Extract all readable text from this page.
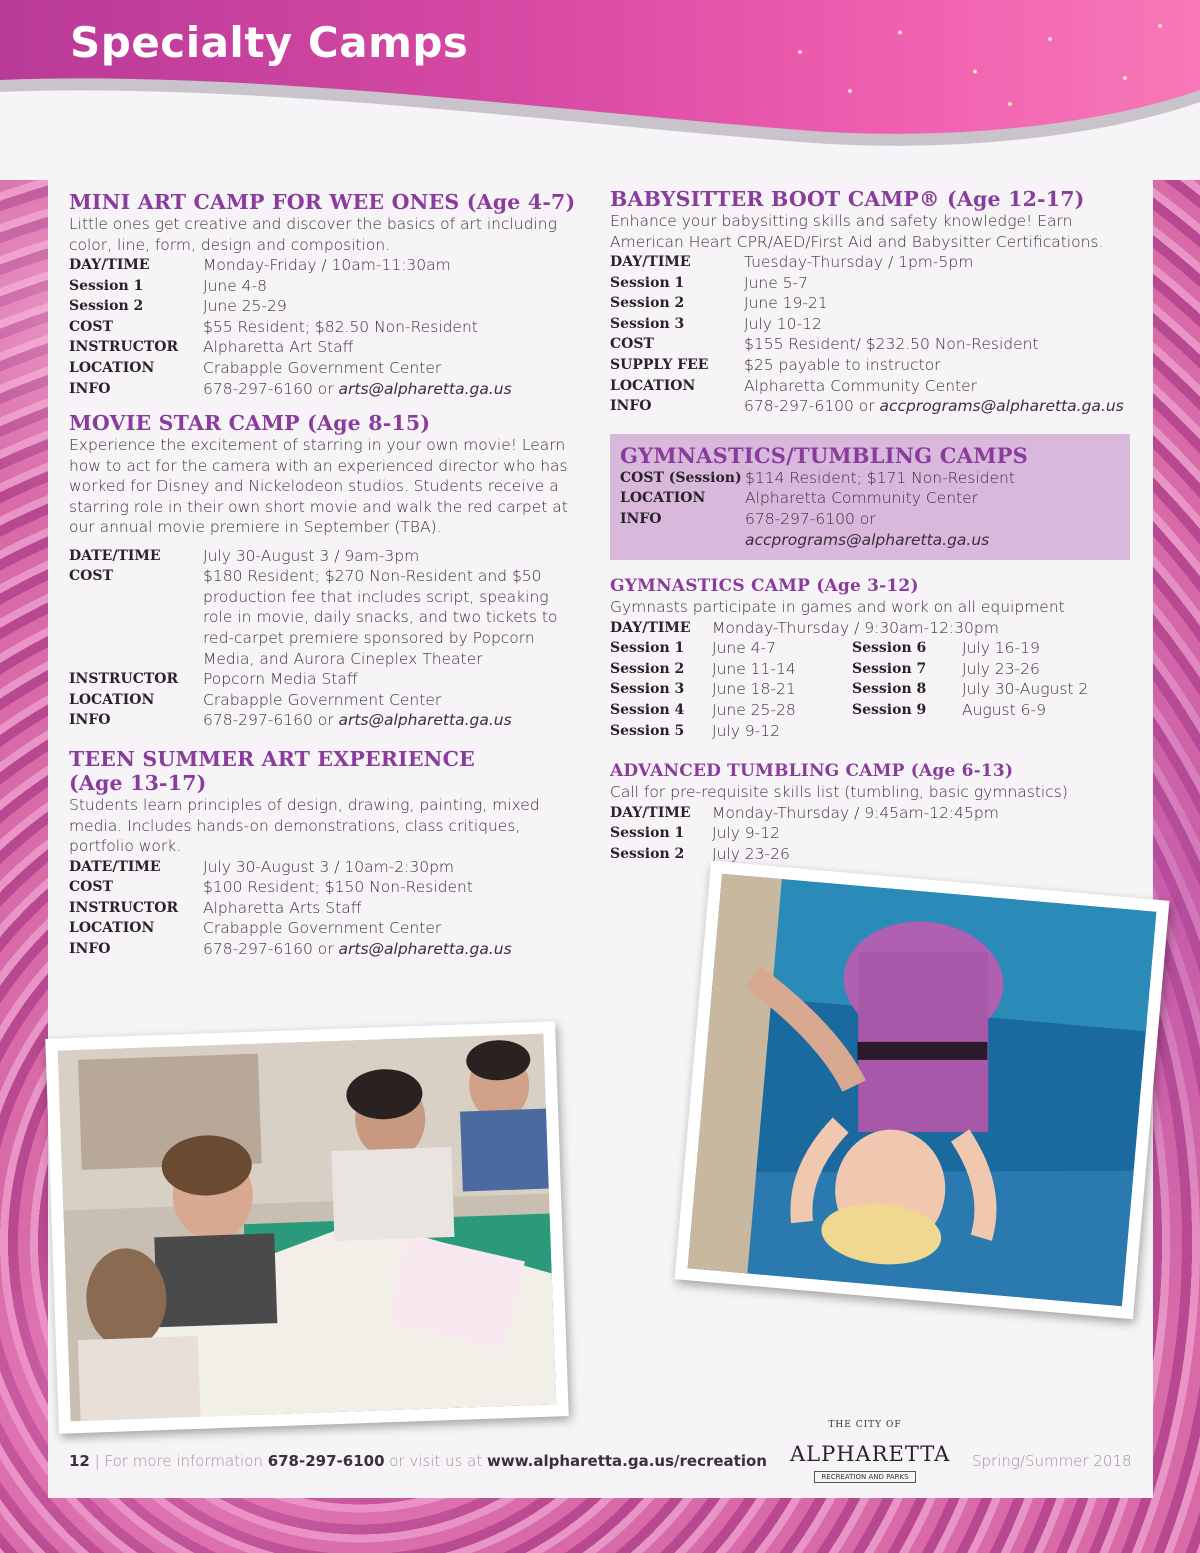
Specialty Camps
MINI ART CAMP FOR WEE ONES (Age 4-7)
Little ones get creative and discover the basics of art including color, line, form, design and composition.
DAY/TIME	Monday-Friday / 10am-11:30am
Session 1	June 4-8
Session 2	June 25-29
COST	$55 Resident; $82.50 Non-Resident
INSTRUCTOR	Alpharetta Art Staff
LOCATION	Crabapple Government Center
INFO	678-297-6160 or arts@alpharetta.ga.us
MOVIE STAR CAMP (Age 8-15)
Experience the excitement of starring in your own movie! Learn how to act for the camera with an experienced director who has worked for Disney and Nickelodeon studios. Students receive a starring role in their own short movie and walk the red carpet at our annual movie premiere in September (TBA).
DATE/TIME	July 30-August 3 / 9am-3pm
COST	$180 Resident; $270 Non-Resident and $50 production fee that includes script, speaking role in movie, daily snacks, and two tickets to red-carpet premiere sponsored by Popcorn Media, and Aurora Cineplex Theater
INSTRUCTOR	Popcorn Media Staff
LOCATION	Crabapple Government Center
INFO	678-297-6160 or arts@alpharetta.ga.us
TEEN SUMMER ART EXPERIENCE (Age 13-17)
Students learn principles of design, drawing, painting, mixed media. Includes hands-on demonstrations, class critiques, portfolio work.
DATE/TIME	July 30-August 3 / 10am-2:30pm
COST	$100 Resident; $150 Non-Resident
INSTRUCTOR	Alpharetta Arts Staff
LOCATION	Crabapple Government Center
INFO	678-297-6160 or arts@alpharetta.ga.us
BABYSITTER BOOT CAMP® (Age 12-17)
Enhance your babysitting skills and safety knowledge! Earn American Heart CPR/AED/First Aid and Babysitter Certifications.
DAY/TIME	Tuesday-Thursday / 1pm-5pm
Session 1	June 5-7
Session 2	June 19-21
Session 3	July 10-12
COST	$155 Resident/ $232.50 Non-Resident
SUPPLY FEE	$25 payable to instructor
LOCATION	Alpharetta Community Center
INFO	678-297-6100 or accprograms@alpharetta.ga.us
GYMNASTICS/TUMBLING CAMPS
COST (Session) $114 Resident; $171 Non-Resident
LOCATION	Alpharetta Community Center
INFO	678-297-6100 or accprograms@alpharetta.ga.us
GYMNASTICS CAMP (Age 3-12)
Gymnasts participate in games and work on all equipment
DAY/TIME	Monday-Thursday / 9:30am-12:30pm
Session 1	June 4-7	Session 6	July 16-19
Session 2	June 11-14	Session 7	July 23-26
Session 3	June 18-21	Session 8	July 30-August 2
Session 4	June 25-28	Session 9	August 6-9
Session 5	July 9-12
ADVANCED TUMBLING CAMP (Age 6-13)
Call for pre-requisite skills list (tumbling, basic gymnastics)
DAY/TIME	Monday-Thursday / 9:45am-12:45pm
Session 1	July 9-12
Session 2	July 23-26
12 | For more information 678-297-6100 or visit us at www.alpharetta.ga.us/recreation
THE CITY OF
ALPHARETTA
RECREATION AND PARKS
Spring/Summer 2018
